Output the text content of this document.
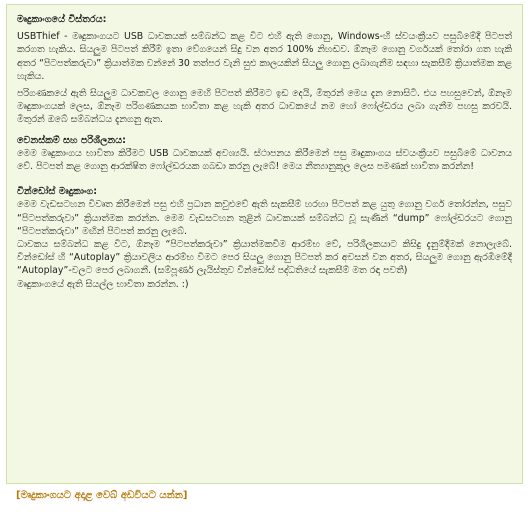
මෘදුකාංගයේ විස්තරය:

USBThief - මෘදුකාංගයට USB ධාවකයක් සම්බන්ධ කළ විට එහි ඇති ගොනු, Windows-හි ස්වයංක්‍රීයව පසුබිමේදී පිටපත් කරගත හැකිය. සියලුම පිටපත් කිරීම් ඉතා වේගයෙන් සිදු වන අතර 100% නිහඬව. ඕනෑම ගොනු වර්ගයක් තෝරා ගත හැකි අතර “පිටපත්කරුවා” ක්‍රියාත්මක වන්නේ 30 තත්පර වැනි සුළු කාලයකින් සියලු ගොනු ලබාගැනීම සඳහා සැකසීම් ක්‍රියාත්මක කළ හැකිය.

පරිගණකයේ ඇති සියලුම ධාවකවල ගොනු මෙහි පිටපත් කිරීමට ඉඩ දෙයි, මිතුරන් මෙය දැන නොසිටී. එය පහසුවෙන්, ඕනෑම මෘදුකාංගයක් ලෙස, ඕනෑම පරිගණකයක භාවිතා කළ හැකි අතර ධාවකයේ නම හෝ ෆෝල්ඩරය ලබා ගැනීම පහසු කරවයි. මිතුරන් ඔබේ සම්බන්ධය දැනගනු ඇත.

වෙනස්කම් සහ පරිශීලනය:

මෙම මෘදුකාංගය භාවිතා කිරීමට USB ධාවකයක් අවශ්‍යයි. ස්ථාපනය කිරීමෙන් පසු මෘදුකාංගය ස්වයංක්‍රීයව පසුබිමේ ධාවනය වේ. පිටපත් කළ ගොනු ආරක්ෂිත ෆෝල්ඩරයක ගබඩා කරනු ලැබේ! මෙය නීත්‍යානුකූල ලෙස පමණක් භාවිතා කරන්න!

වින්ඩෝස් මෘදුකාංග:

මෙම වැඩසටහන විවෘත කිරීමෙන් පසු එහි ප්‍රධාන කවුළුවේ ඇති සැකසීම් හරහා පිටපත් කළ යුතු ගොනු වර්ග තෝරන්න, පසුව “පිටපත්කරුවා” ක්‍රියාත්මක කරන්න. මෙම වැඩසටහන තුළින් ධාවකයක් සම්බන්ධ වූ සැණින් “dump” ෆෝල්ඩරයට ගොනු “පිටපත්කරුවා” මඟින් පිටපත් කරනු ලැබේ.

ධාවකය සම්බන්ධ කළ විට, ඕනෑම “පිටපත්කරුවා” ක්‍රියාත්මකවීම ආරම්භ වේ, පරිශීලකයාට කිසිදු දැනුම්දීමක් නොලැබේ. වින්ඩෝස් හි “Autoplay” ක්‍රියාවලිය ආරම්භ වීමට පෙර සියලු ගොනු පිටපත් කර අවසන් වන අතර, සියලුම ගොනු ඇරඹීමේදී “Autoplay”-වලට පෙර ලබාගනී. (සම්පූර්ණ ලැයිස්තුව වින්ඩෝස් පද්ධතියේ සැකසීම් මත රඳා පවතී)

මෘදුකාංගයේ ඇති සියල්ල භාවිතා කරන්න. :)

[මෘදුකාංගයට අදාළ වෙබ් අඩවියට යන්න]
